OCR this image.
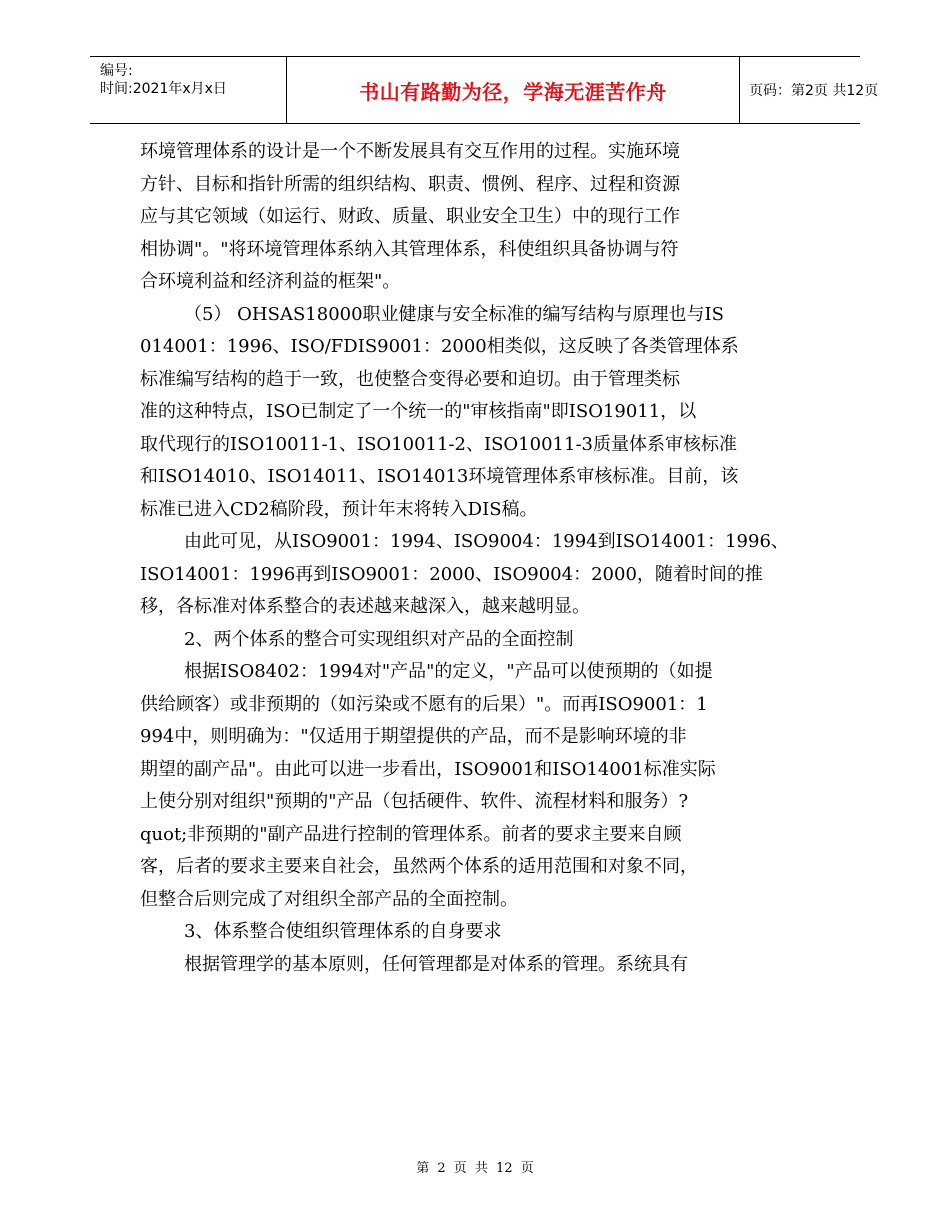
编号:
时间:2021年x月x日	书山有路勤为径，学海无涯苦作舟	页码：第2页 共12页
环境管理体系的设计是一个不断发展具有交互作用的过程。实施环境
方针、目标和指针所需的组织结构、职责、惯例、程序、过程和资源
应与其它领域（如运行、财政、质量、职业安全卫生）中的现行工作
相协调"。"将环境管理体系纳入其管理体系，科使组织具备协调与符
合环境利益和经济利益的框架"。
（5） OHSAS18000职业健康与安全标准的编写结构与原理也与IS
014001：1996、ISO/FDIS9001：2000相类似，这反映了各类管理体系
标准编写结构的趋于一致，也使整合变得必要和迫切。由于管理类标
准的这种特点，ISO已制定了一个统一的"审核指南"即ISO19011，以
取代现行的ISO10011-1、ISO10011-2、ISO10011-3质量体系审核标准
和ISO14010、ISO14011、ISO14013环境管理体系审核标准。目前，该
标准已进入CD2稿阶段，预计年末将转入DIS稿。
由此可见，从ISO9001：1994、ISO9004：1994到ISO14001：1996、
ISO14001：1996再到ISO9001：2000、ISO9004：2000，随着时间的推
移，各标准对体系整合的表述越来越深入，越来越明显。
2、两个体系的整合可实现组织对产品的全面控制
根据ISO8402：1994对"产品"的定义，"产品可以使预期的（如提
供给顾客）或非预期的（如污染或不愿有的后果）"。而再ISO9001：1
994中，则明确为："仅适用于期望提供的产品，而不是影响环境的非
期望的副产品"。由此可以进一步看出，ISO9001和ISO14001标准实际
上使分别对组织"预期的"产品（包括硬件、软件、流程材料和服务）?
quot;非预期的"副产品进行控制的管理体系。前者的要求主要来自顾
客，后者的要求主要来自社会，虽然两个体系的适用范围和对象不同，
但整合后则完成了对组织全部产品的全面控制。
3、体系整合使组织管理体系的自身要求
根据管理学的基本原则，任何管理都是对体系的管理。系统具有
第 2 页 共 12 页
